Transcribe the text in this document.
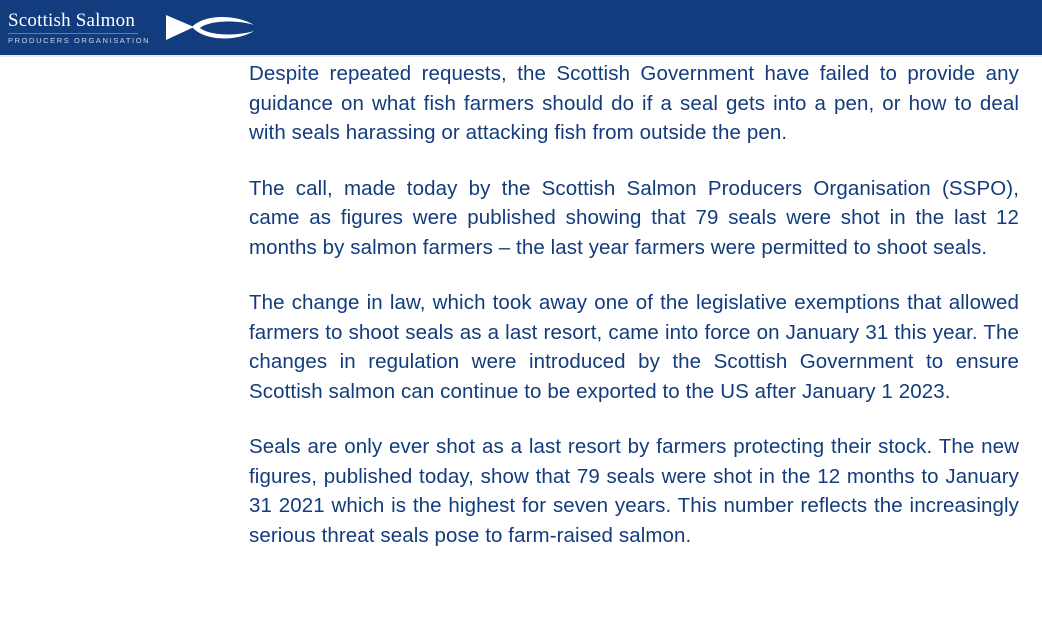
Scottish Salmon
PRODUCERS ORGANISATION

Despite repeated requests, the Scottish Government have failed to provide any guidance on what fish farmers should do if a seal gets into a pen, or how to deal with seals harassing or attacking fish from outside the pen.

The call, made today by the Scottish Salmon Producers Organisation (SSPO), came as figures were published showing that 79 seals were shot in the last 12 months by salmon farmers – the last year farmers were permitted to shoot seals.

The change in law, which took away one of the legislative exemptions that allowed farmers to shoot seals as a last resort, came into force on January 31 this year. The changes in regulation were introduced by the Scottish Government to ensure Scottish salmon can continue to be exported to the US after January 1 2023.

Seals are only ever shot as a last resort by farmers protecting their stock. The new figures, published today, show that 79 seals were shot in the 12 months to January 31 2021 which is the highest for seven years. This number reflects the increasingly serious threat seals pose to farm-raised salmon.
